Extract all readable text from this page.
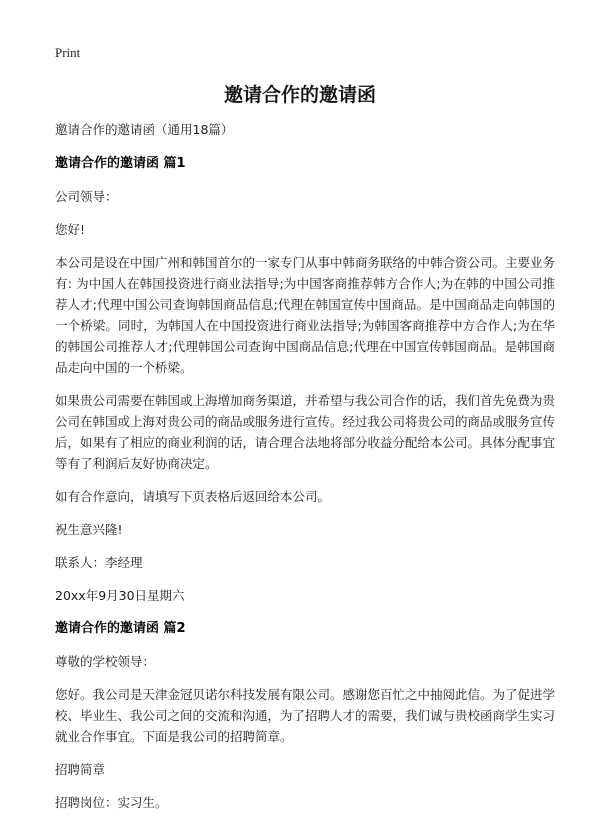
Print
邀请合作的邀请函

邀请合作的邀请函（通用18篇）

邀请合作的邀请函 篇1

公司领导：

您好!

本公司是设在中国广州和韩国首尔的一家专门从事中韩商务联络的中韩合资公司。主要业务有: 为中国人在韩国投资进行商业法指导;为中国客商推荐韩方合作人;为在韩的中国公司推荐人才;代理中国公司查询韩国商品信息;代理在韩国宣传中国商品。是中国商品走向韩国的一个桥梁。同时，为韩国人在中国投资进行商业法指导;为韩国客商推荐中方合作人;为在华的韩国公司推荐人才;代理韩国公司查询中国商品信息;代理在中国宣传韩国商品。是韩国商品走向中国的一个桥梁。

如果贵公司需要在韩国或上海增加商务渠道，并希望与我公司合作的话，我们首先免费为贵公司在韩国或上海对贵公司的商品或服务进行宣传。经过我公司将贵公司的商品或服务宣传后，如果有了相应的商业利润的话，请合理合法地将部分收益分配给本公司。具体分配事宜等有了利润后友好协商决定。

如有合作意向，请填写下页表格后返回给本公司。

祝生意兴隆!

联系人：李经理

20xx年9月30日星期六

邀请合作的邀请函 篇2

尊敬的学校领导：

您好。我公司是天津金冠贝诺尔科技发展有限公司。感谢您百忙之中抽阅此信。为了促进学校、毕业生、我公司之间的交流和沟通，为了招聘人才的需要，我们诚与贵校函商学生实习就业合作事宜。下面是我公司的招聘简章。

招聘简章

招聘岗位：实习生。
